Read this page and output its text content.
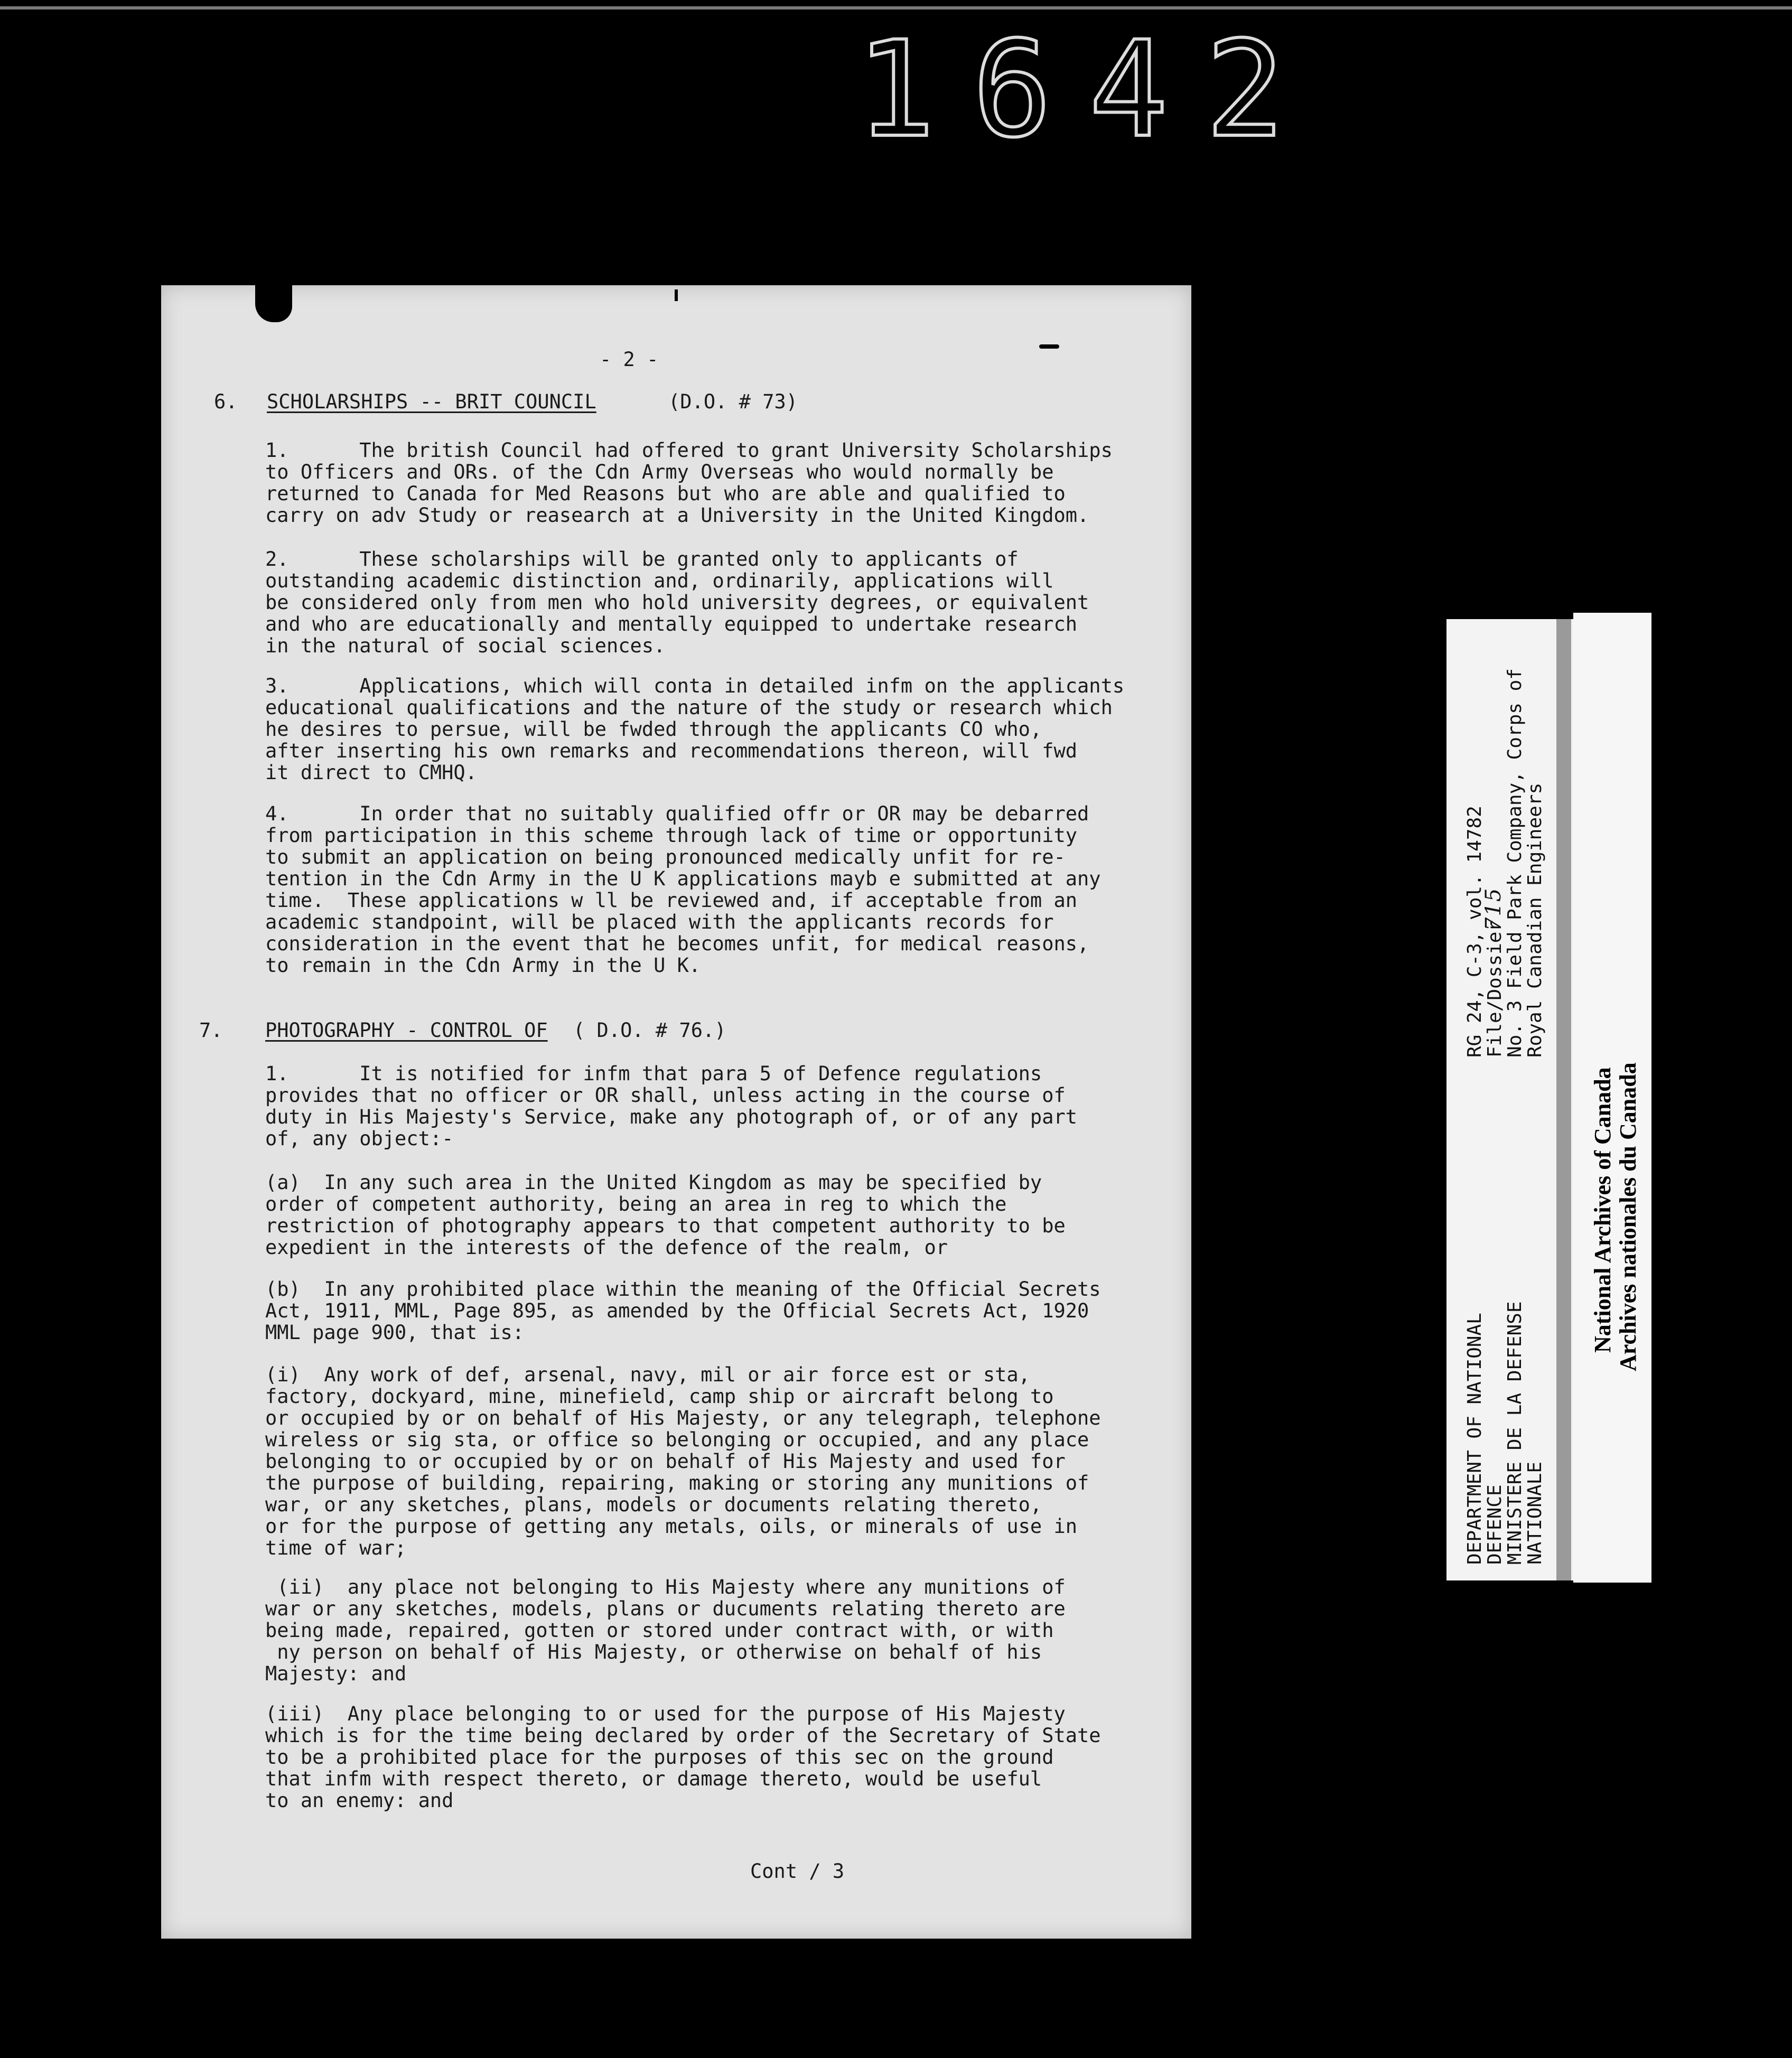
1642
- 2 -
6. SCHOLARSHIPS -- BRIT COUNCIL	(D.O. # 73)
1.      The british Council had offered to grant University Scholarships
to Officers and ORs. of the Cdn Army Overseas who would normally be
returned to Canada for Med Reasons but who are able and qualified to
carry on adv Study or reasearch at a University in the United Kingdom.
2.      These scholarships will be granted only to applicants of
outstanding academic distinction and, ordinarily, applications will
be considered only from men who hold university degrees, or equivalent
and who are educationally and mentally equipped to undertake research
in the natural of social sciences.
3.      Applications, which will conta in detailed infm on the applicants
educational qualifications and the nature of the study or research which
he desires to persue, will be fwded through the applicants CO who,
after inserting his own remarks and recommendations thereon, will fwd
it direct to CMHQ.
4.      In order that no suitably qualified offr or OR may be debarred
from participation in this scheme through lack of time or opportunity
to submit an application on being pronounced medically unfit for re-
tention in the Cdn Army in the U K applications mayb e submitted at any
time.  These applications w ll be reviewed and, if acceptable from an
academic standpoint, will be placed with the applicants records for
consideration in the event that he becomes unfit, for medical reasons,
to remain in the Cdn Army in the U K.
7. PHOTOGRAPHY - CONTROL OF ( D.O. # 76.)
1.      It is notified for infm that para 5 of Defence regulations
provides that no officer or OR shall, unless acting in the course of
duty in His Majesty's Service, make any photograph of, or of any part
of, any object:-
(a)  In any such area in the United Kingdom as may be specified by
order of competent authority, being an area in reg to which the
restriction of photography appears to that competent authority to be
expedient in the interests of the defence of the realm, or
(b)  In any prohibited place within the meaning of the Official Secrets
Act, 1911, MML, Page 895, as amended by the Official Secrets Act, 1920
MML page 900, that is:
(i)  Any work of def, arsenal, navy, mil or air force est or sta,
factory, dockyard, mine, minefield, camp ship or aircraft belong to
or occupied by or on behalf of His Majesty, or any telegraph, telephone
wireless or sig sta, or office so belonging or occupied, and any place
belonging to or occupied by or on behalf of His Majesty and used for
the purpose of building, repairing, making or storing any munitions of
war, or any sketches, plans, models or documents relating thereto,
or for the purpose of getting any metals, oils, or minerals of use in
time of war;
(ii)  any place not belonging to His Majesty where any munitions of
war or any sketches, models, plans or ducuments relating thereto are
being made, repaired, gotten or stored under contract with, or with
ny person on behalf of His Majesty, or otherwise on behalf of his
Majesty: and
(iii)  Any place belonging to or used for the purpose of His Majesty
which is for the time being declared by order of the Secretary of State
to be a prohibited place for the purposes of this sec on the ground
that infm with respect thereto, or damage thereto, would be useful
to an enemy: and
Cont / 3
DEPARTMENT OF NATIONAL
DEFENCE
MINISTERE DE LA DEFENSE
NATIONALE
RG 24, C-3, vol. 14782
File/Dossier
No. 3 Field Park Company, Corps of
Royal Canadian Engineers
715
National Archives of Canada Archives nationales du Canada
